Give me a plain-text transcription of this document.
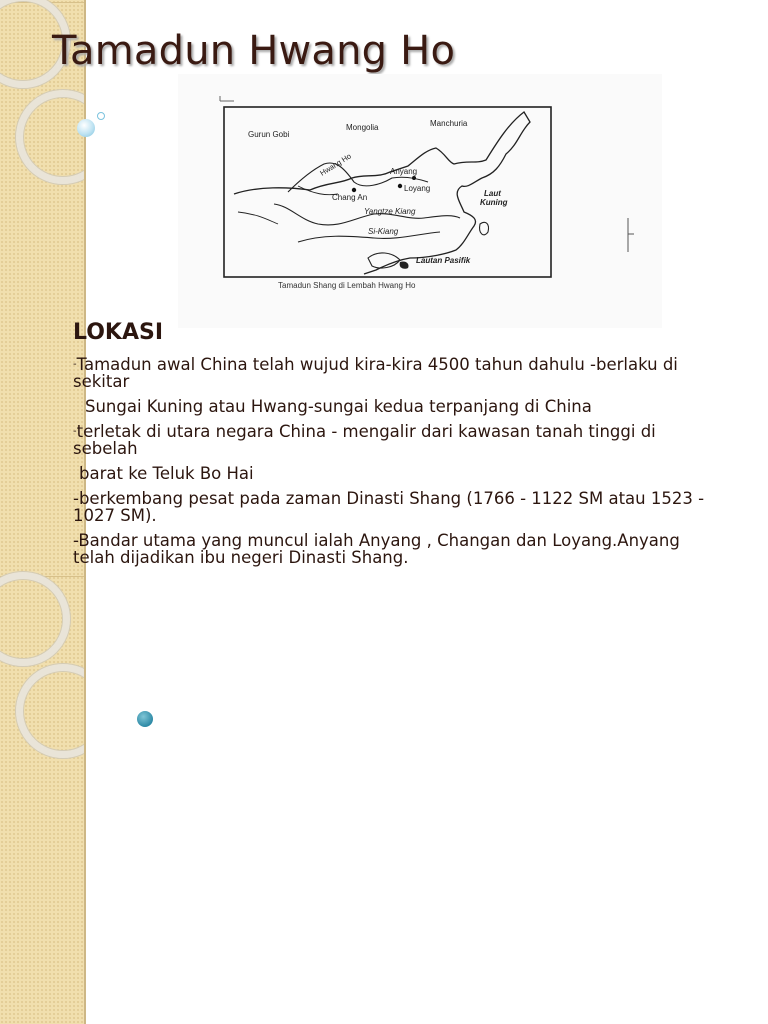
Tamadun Hwang Ho
Gurun Gobi
Mongolia	Manchuria
Hwang Ho	Anyang
Loyang
Chang An	Laut
Kuning
Yangtze Kiang
Si-Kiang
Lautan Pasifik
Tamadun Shang di Lembah Hwang Ho
LOKASI
-Tamadun awal China telah wujud kira-kira 4500 tahun dahulu -berlaku di sekitar
Sungai Kuning atau Hwang-sungai kedua terpanjang di China
-terletak di utara negara China - mengalir dari kawasan tanah tinggi di sebelah
barat ke Teluk Bo Hai
-berkembang pesat pada zaman Dinasti Shang (1766 - 1122 SM atau 1523 - 1027 SM).
-Bandar utama yang muncul ialah Anyang , Changan dan Loyang.Anyang telah dijadikan ibu negeri Dinasti Shang.
